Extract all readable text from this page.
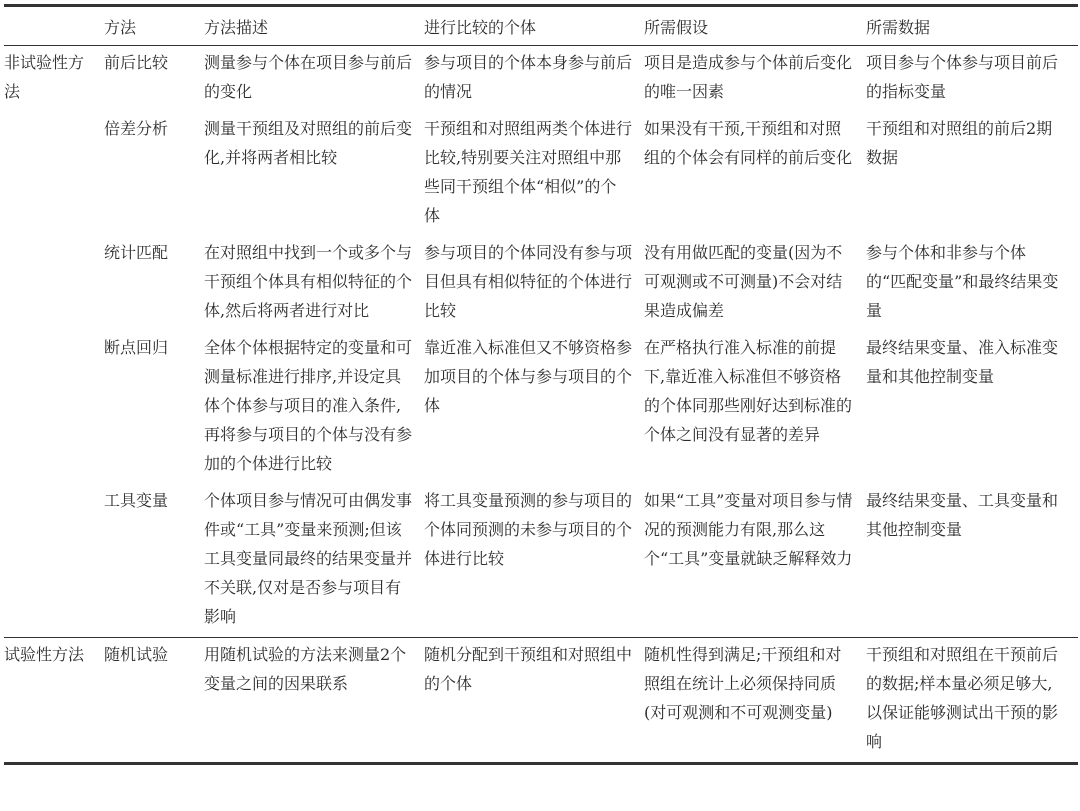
	方法	方法描述	进行比较的个体	所需假设	所需数据
非试验性方法	前后比较	测量参与个体在项目参与前后的变化	参与项目的个体本身参与前后的情况	项目是造成参与个体前后变化的唯一因素	项目参与个体参与项目前后的指标变量
	倍差分析	测量干预组及对照组的前后变化,并将两者相比较	干预组和对照组两类个体进行比较,特别要关注对照组中那些同干预组个体“相似”的个体	如果没有干预,干预组和对照组的个体会有同样的前后变化	干预组和对照组的前后2期数据
	统计匹配	在对照组中找到一个或多个与干预组个体具有相似特征的个体,然后将两者进行对比	参与项目的个体同没有参与项目但具有相似特征的个体进行比较	没有用做匹配的变量(因为不可观测或不可测量)不会对结果造成偏差	参与个体和非参与个体的“匹配变量”和最终结果变量
	断点回归	全体个体根据特定的变量和可测量标准进行排序,并设定具体个体参与项目的准入条件,再将参与项目的个体与没有参加的个体进行比较	靠近准入标准但又不够资格参加项目的个体与参与项目的个体	在严格执行准入标准的前提下,靠近准入标准但不够资格的个体同那些刚好达到标准的个体之间没有显著的差异	最终结果变量、准入标准变量和其他控制变量
	工具变量	个体项目参与情况可由偶发事件或“工具”变量来预测;但该工具变量同最终的结果变量并不关联,仅对是否参与项目有影响	将工具变量预测的参与项目的个体同预测的未参与项目的个体进行比较	如果“工具”变量对项目参与情况的预测能力有限,那么这个“工具”变量就缺乏解释效力	最终结果变量、工具变量和其他控制变量
试验性方法	随机试验	用随机试验的方法来测量2个变量之间的因果联系	随机分配到干预组和对照组中的个体	随机性得到满足;干预组和对照组在统计上必须保持同质(对可观测和不可观测变量)	干预组和对照组在干预前后的数据;样本量必须足够大,以保证能够测试出干预的影响
